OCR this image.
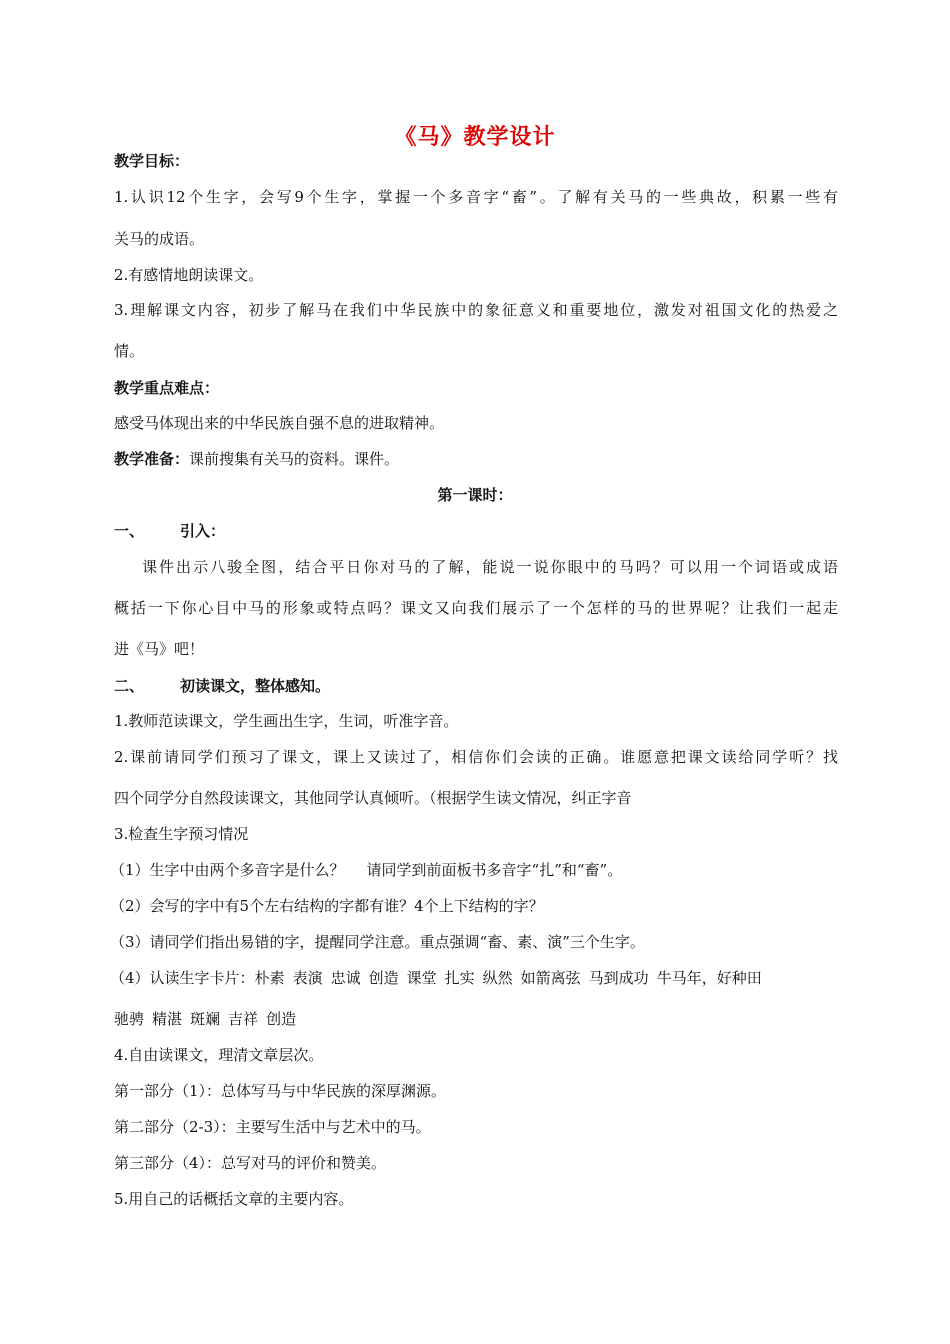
《马》教学设计
教学目标：
1.认识12个生字，会写9个生字，掌握一个多音字“畜”。了解有关马的一些典故，积累一些有
关马的成语。
2.有感情地朗读课文。
3.理解课文内容，初步了解马在我们中华民族中的象征意义和重要地位，激发对祖国文化的热爱之
情。
教学重点难点：
感受马体现出来的中华民族自强不息的进取精神。
教学准备：课前搜集有关马的资料。课件。
第一课时：
一、 引入：
课件出示八骏全图，结合平日你对马的了解，能说一说你眼中的马吗？可以用一个词语或成语
概括一下你心目中马的形象或特点吗？课文又向我们展示了一个怎样的马的世界呢？让我们一起走
进《马》吧！
二、 初读课文，整体感知。
1.教师范读课文，学生画出生字，生词，听准字音。
2.课前请同学们预习了课文，课上又读过了，相信你们会读的正确。谁愿意把课文读给同学听？找
四个同学分自然段读课文，其他同学认真倾听。（根据学生读文情况，纠正字音
3.检查生字预习情况
（1）生字中由两个多音字是什么？ 请同学到前面板书多音字“扎”和“畜”。
（2）会写的字中有5个左右结构的字都有谁？4个上下结构的字？
（3）请同学们指出易错的字，提醒同学注意。重点强调“畜、素、演”三个生字。
（4）认读生字卡片：朴素 表演 忠诚 创造 课堂 扎实 纵然 如箭离弦 马到成功 牛马年，好种田
驰骋 精湛 斑斓 吉祥 创造
4.自由读课文，理清文章层次。
第一部分（1）：总体写马与中华民族的深厚渊源。
第二部分（2-3）：主要写生活中与艺术中的马。
第三部分（4）：总写对马的评价和赞美。
5.用自己的话概括文章的主要内容。
